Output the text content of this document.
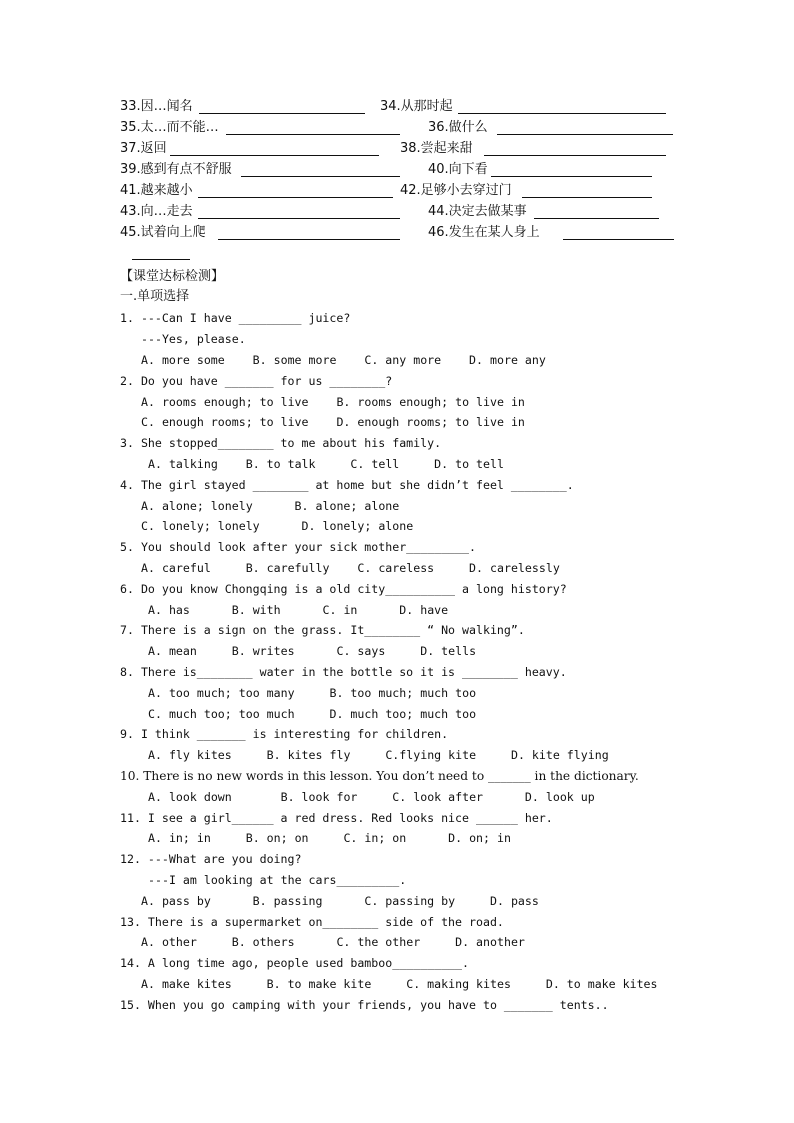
33.因…闻名	34.从那时起
35.太…而不能…	36.做什么
37.返回	38.尝起来甜
39.感到有点不舒服	40.向下看
41.越来越小	42.足够小去穿过门
43.向…走去	44.决定去做某事
45.试着向上爬	46.发生在某人身上
【课堂达标检测】
一.单项选择
1. ---Can I have _________ juice?
---Yes, please.
A. more some    B. some more    C. any more    D. more any
2. Do you have _______ for us ________?
A. rooms enough; to live    B. rooms enough; to live in
C. enough rooms; to live    D. enough rooms; to live in
3. She stopped________ to me about his family.
A. talking    B. to talk     C. tell     D. to tell
4. The girl stayed ________ at home but she didn’t feel ________.
A. alone; lonely      B. alone; alone
C. lonely; lonely      D. lonely; alone
5. You should look after your sick mother_________.
A. careful     B. carefully    C. careless     D. carelessly
6. Do you know Chongqing is a old city__________ a long history?
A. has      B. with      C. in      D. have
7. There is a sign on the grass. It________ “ No walking”.
A. mean     B. writes      C. says     D. tells
8. There is________ water in the bottle so it is ________ heavy.
A. too much; too many     B. too much; much too
C. much too; too much     D. much too; much too
9. I think _______ is interesting for children.
A. fly kites     B. kites fly     C.flying kite     D. kite flying
10. There is no new words in this lesson. You don’t need to _______ in the dictionary.
A. look down       B. look for     C. look after      D. look up
11. I see a girl______ a red dress. Red looks nice ______ her.
A. in; in     B. on; on     C. in; on      D. on; in
12. ---What are you doing?
---I am looking at the cars_________.
A. pass by      B. passing      C. passing by     D. pass
13. There is a supermarket on________ side of the road.
A. other     B. others      C. the other     D. another
14. A long time ago, people used bamboo__________.
A. make kites     B. to make kite     C. making kites     D. to make kites
15. When you go camping with your friends, you have to _______ tents..
